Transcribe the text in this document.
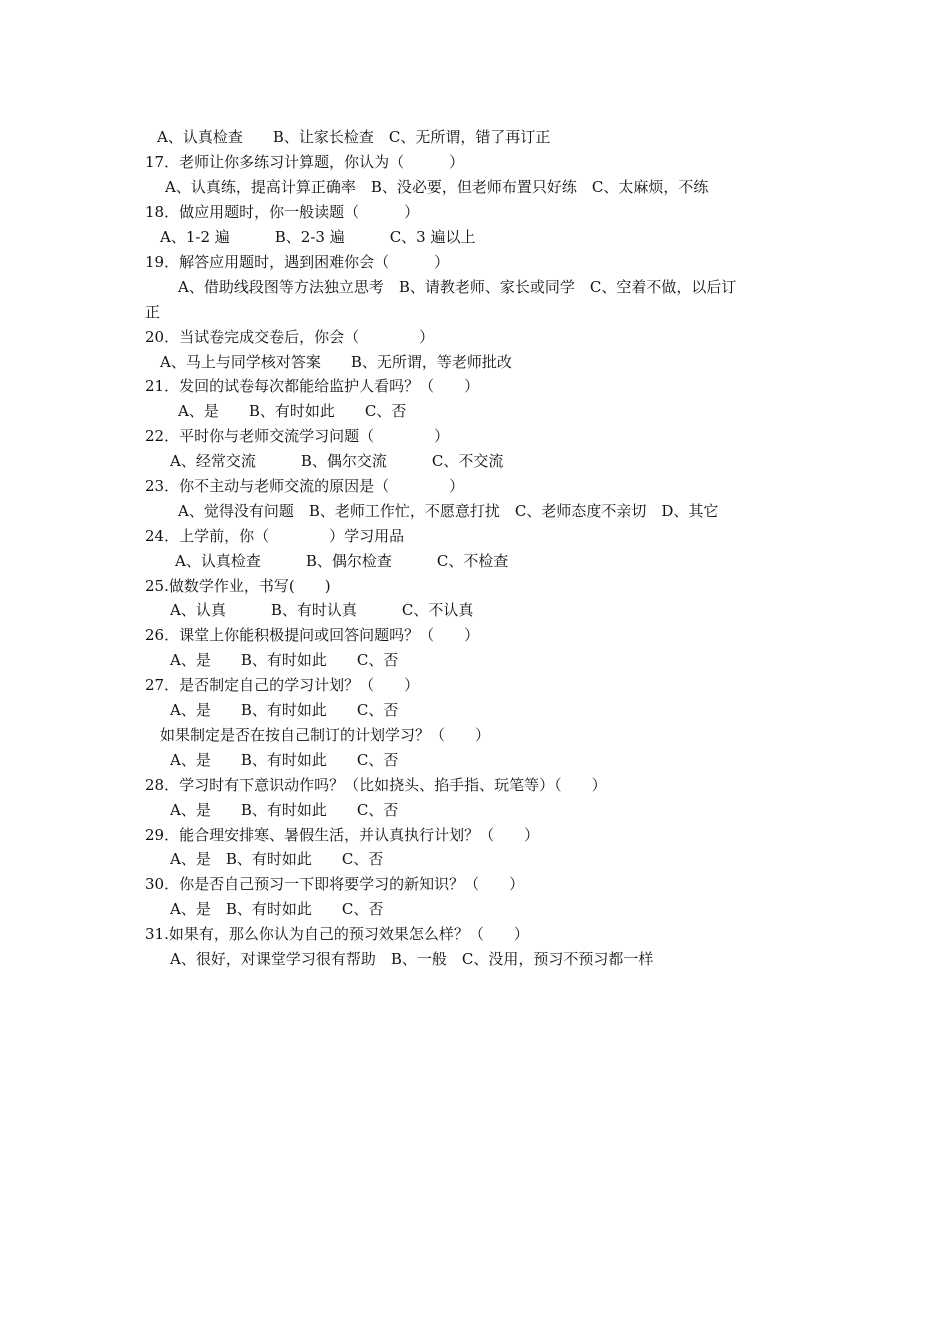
A、认真检查　　B、让家长检查　C、无所谓，错了再订正
17．老师让你多练习计算题，你认为（　　　）
A、认真练，提高计算正确率　B、没必要，但老师布置只好练　C、太麻烦，不练
18．做应用题时，你一般读题（　　　）
A、1-2 遍　　　B、2-3 遍　　　C、3 遍以上
19．解答应用题时，遇到困难你会（　　　）
A、借助线段图等方法独立思考　B、请教老师、家长或同学　C、空着不做，以后订
正
20．当试卷完成交卷后，你会（　　　　）
A、马上与同学核对答案　　B、无所谓，等老师批改
21．发回的试卷每次都能给监护人看吗？（　　）
A、是　　B、有时如此　　C、否
22．平时你与老师交流学习问题（　　　　）
A、经常交流　　　B、偶尔交流　　　C、不交流
23．你不主动与老师交流的原因是（　　　　）
A、觉得没有问题　B、老师工作忙，不愿意打扰　C、老师态度不亲切　D、其它
24．上学前，你（　　　　）学习用品
A、认真检查　　　B、偶尔检查　　　C、不检查
25.做数学作业，书写(　　)
A、认真　　　B、有时认真　　　C、不认真
26．课堂上你能积极提问或回答问题吗？（　　）
A、是　　B、有时如此　　C、否
27．是否制定自己的学习计划？（　　）
A、是　　B、有时如此　　C、否
如果制定是否在按自己制订的计划学习？（　　）
A、是　　B、有时如此　　C、否
28．学习时有下意识动作吗？（比如挠头、掐手指、玩笔等）（　　）
A、是　　B、有时如此　　C、否
29．能合理安排寒、暑假生活，并认真执行计划？（　　）
A、是　B、有时如此　　C、否
30．你是否自己预习一下即将要学习的新知识？（　　）
A、是　B、有时如此　　C、否
31.如果有，那么你认为自己的预习效果怎么样？（　　）
A、很好，对课堂学习很有帮助　B、一般　C、没用，预习不预习都一样
